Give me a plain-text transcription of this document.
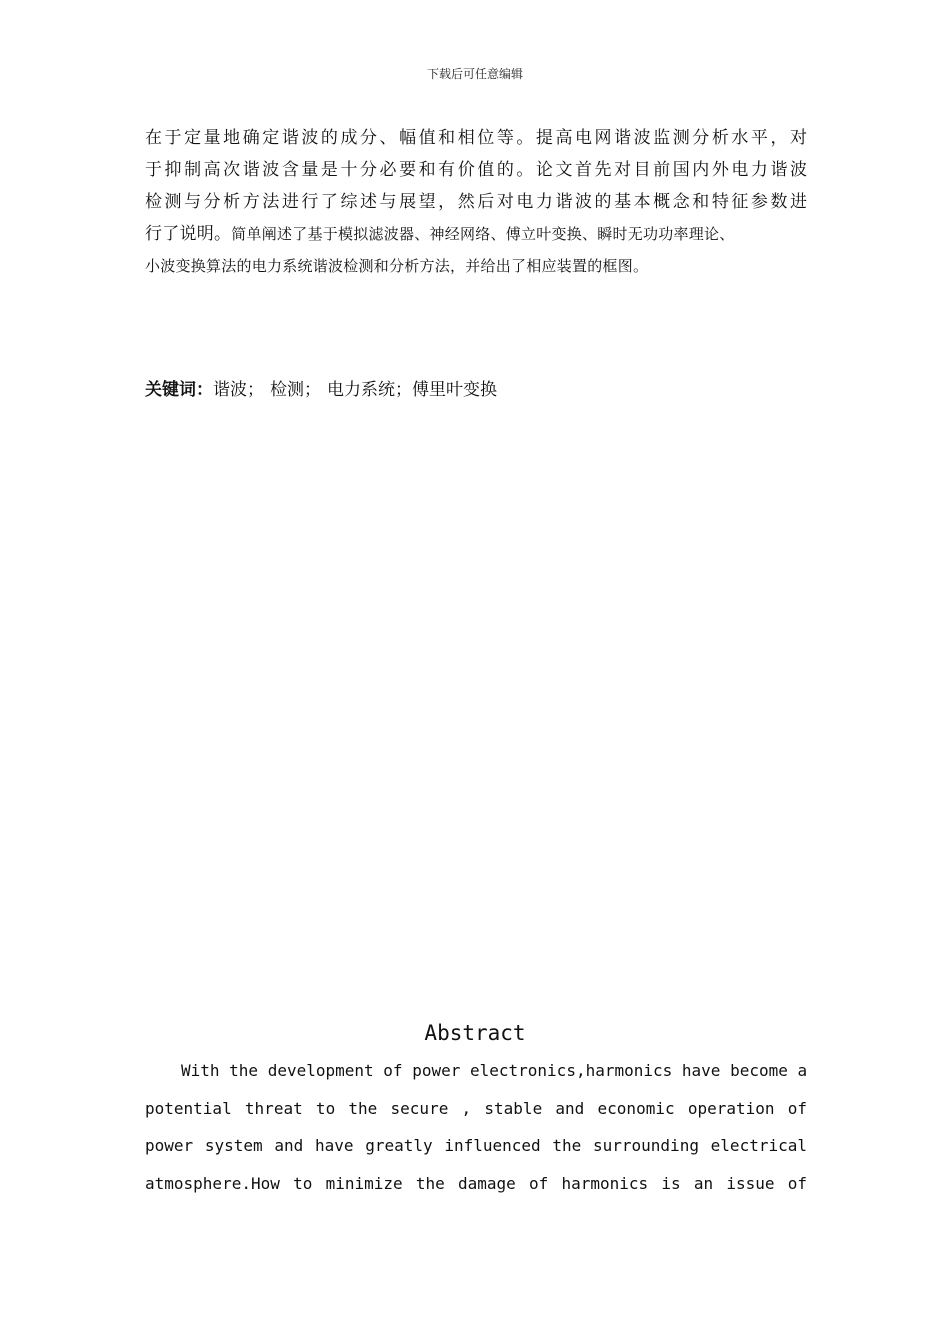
下载后可任意编辑
在于定量地确定谐波的成分、幅值和相位等。提高电网谐波监测分析水平，对
于抑制高次谐波含量是十分必要和有价值的。论文首先对目前国内外电力谐波
检测与分析方法进行了综述与展望，然后对电力谐波的基本概念和特征参数进
行了说明。简单阐述了基于模拟滤波器、神经网络、傅立叶变换、瞬时无功功率理论、
小波变换算法的电力系统谐波检测和分析方法，并给出了相应装置的框图。
关键词：谐波； 检测； 电力系统；傅里叶变换
Abstract
With the development of power electronics,harmonics have become a
potential threat to the secure , stable and economic operation of
power system and have greatly influenced the surrounding electrical
atmosphere.How to minimize the damage of harmonics is an issue of
